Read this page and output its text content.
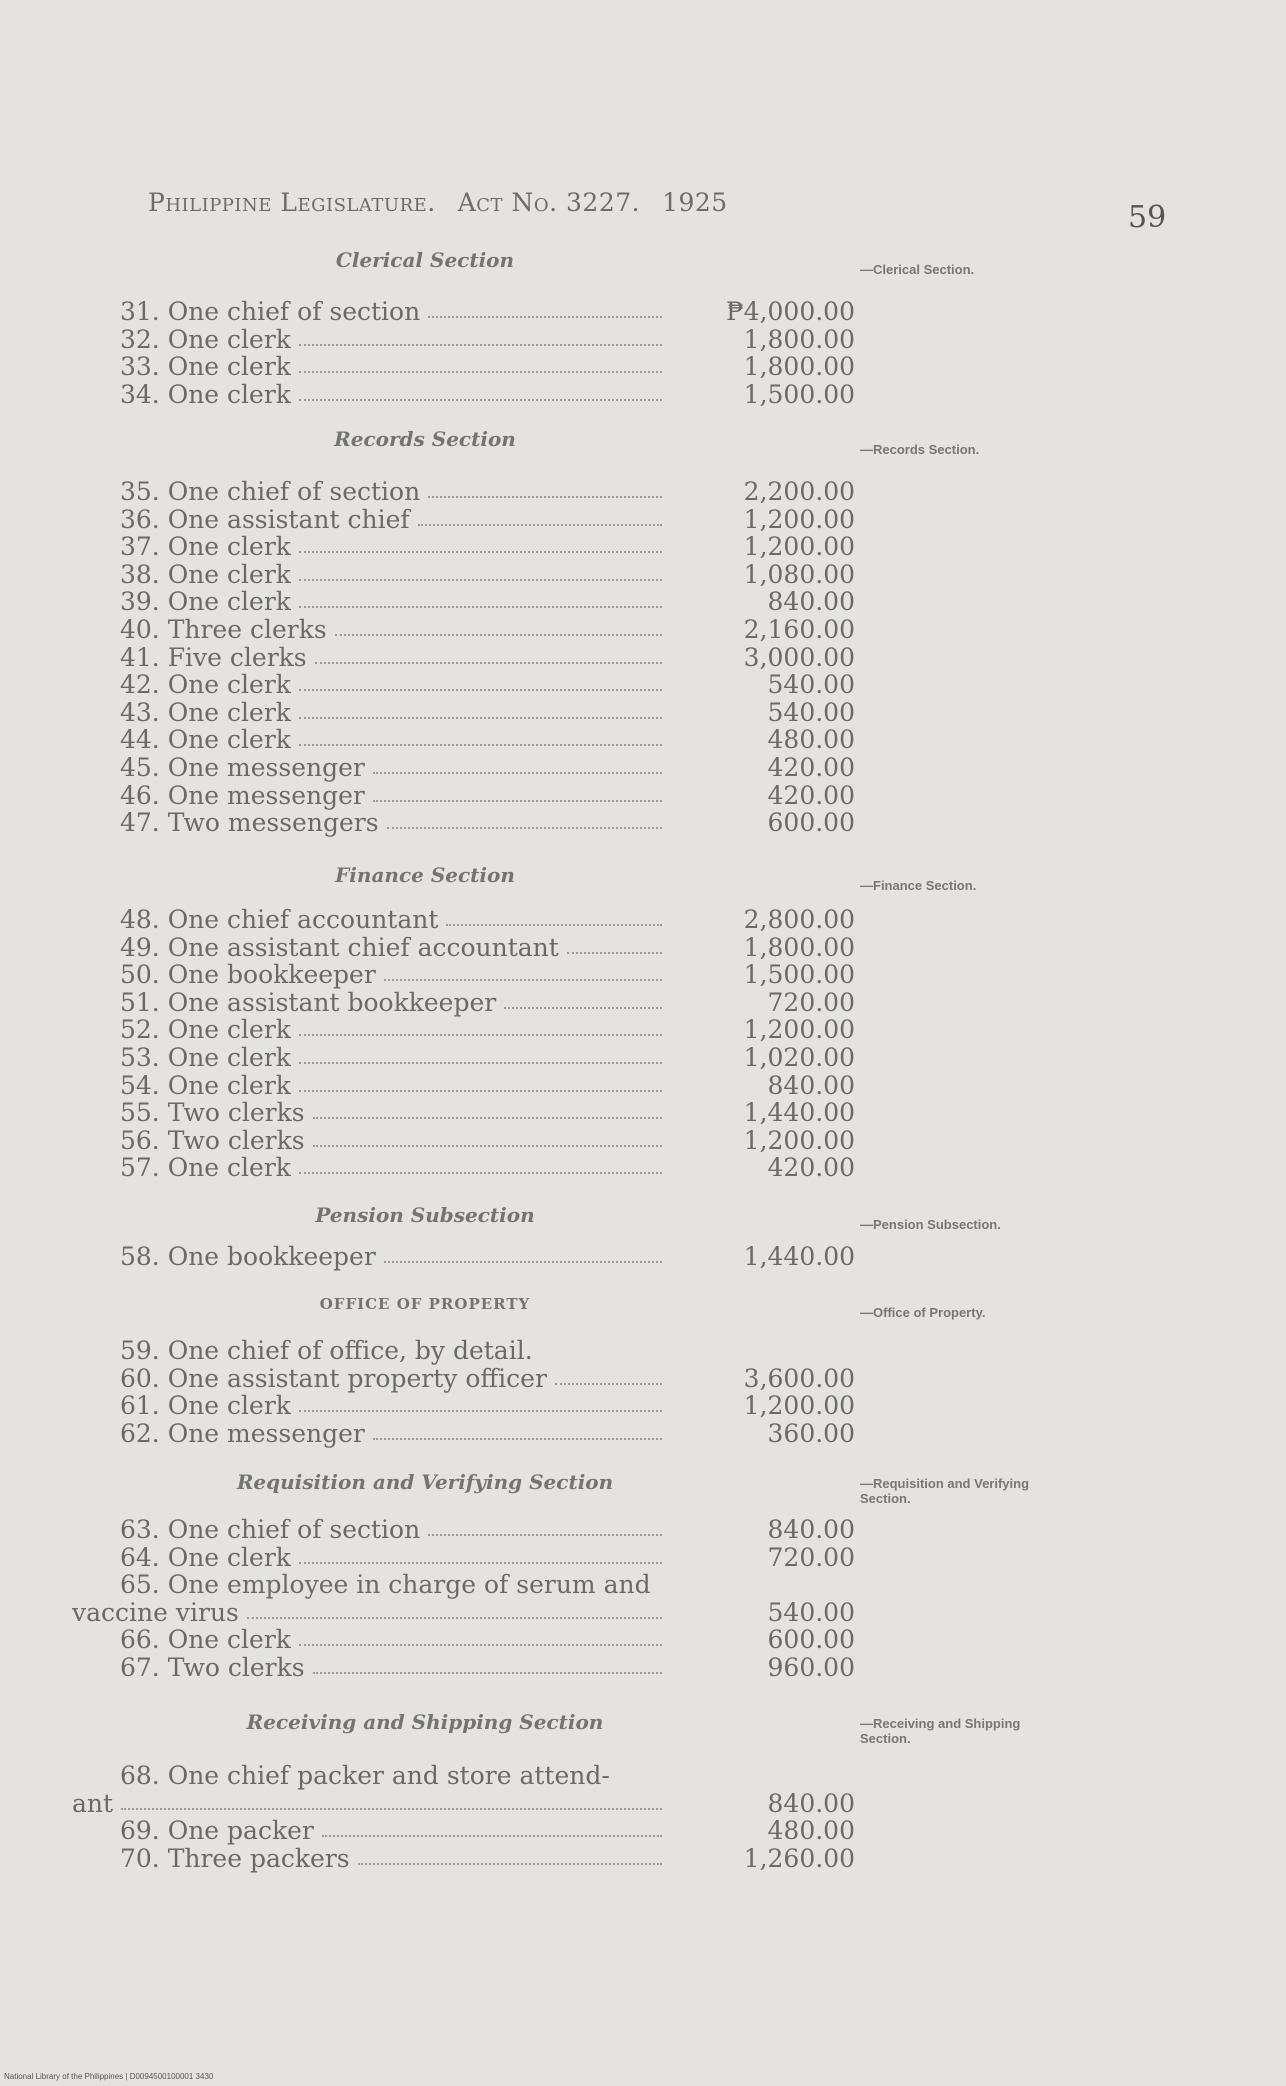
Philippine Legislature. Act No. 3227. 1925	59
Clerical Section	—Clerical Section.
31. One chief of section	₱4,000.00
32. One clerk	1,800.00
33. One clerk	1,800.00
34. One clerk	1,500.00
Records Section	—Records Section.
35. One chief of section	2,200.00
36. One assistant chief	1,200.00
37. One clerk	1,200.00
38. One clerk	1,080.00
39. One clerk	840.00
40. Three clerks	2,160.00
41. Five clerks	3,000.00
42. One clerk	540.00
43. One clerk	540.00
44. One clerk	480.00
45. One messenger	420.00
46. One messenger	420.00
47. Two messengers	600.00
Finance Section	—Finance Section.
48. One chief accountant	2,800.00
49. One assistant chief accountant	1,800.00
50. One bookkeeper	1,500.00
51. One assistant bookkeeper	720.00
52. One clerk	1,200.00
53. One clerk	1,020.00
54. One clerk	840.00
55. Two clerks	1,440.00
56. Two clerks	1,200.00
57. One clerk	420.00
Pension Subsection	—Pension Subsection.
58. One bookkeeper	1,440.00
OFFICE OF PROPERTY	—Office of Property.
59. One chief of office, by detail.
60. One assistant property officer	3,600.00
61. One clerk	1,200.00
62. One messenger	360.00
Requisition and Verifying Section	—Requisition and Verifying Section.
63. One chief of section	840.00
64. One clerk	720.00
65. One employee in charge of serum and
vaccine virus	540.00
66. One clerk	600.00
67. Two clerks	960.00
Receiving and Shipping Section	—Receiving and Shipping Section.
68. One chief packer and store attend-
ant	840.00
69. One packer	480.00
70. Three packers	1,260.00
National Library of the Philippines | D0094500100001 3430
